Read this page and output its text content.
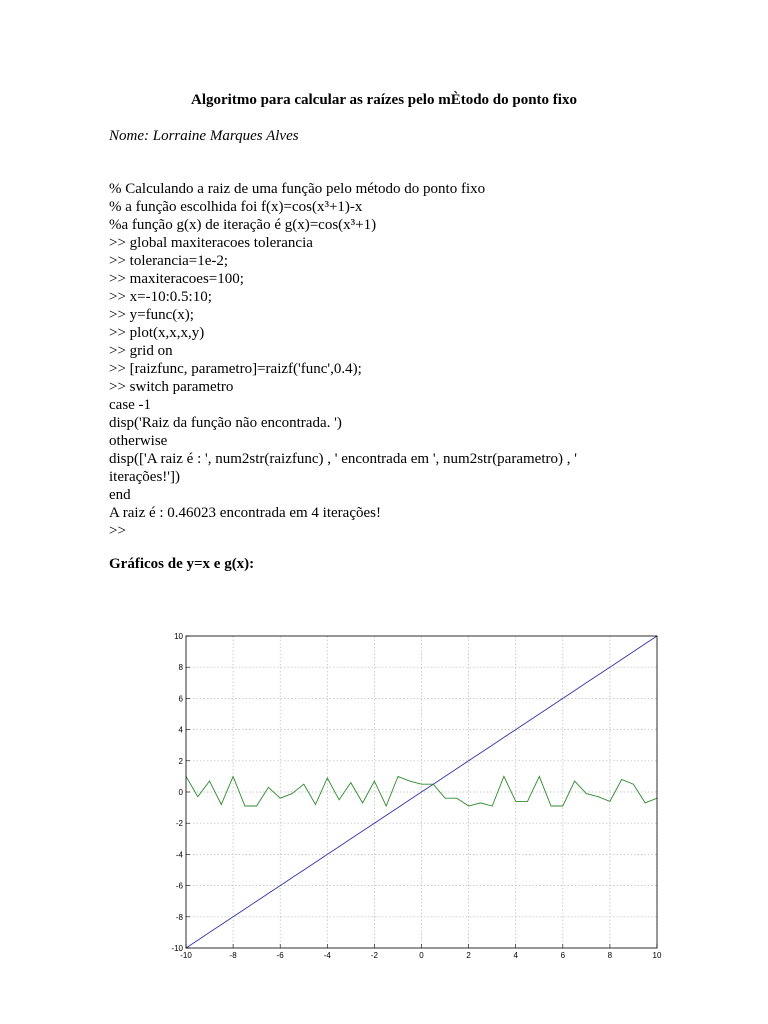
Algoritmo para calcular as raízes pelo mÈtodo do ponto fixo
Nome: Lorraine Marques Alves
% Calculando a raiz de uma função pelo método do ponto fixo
% a função escolhida foi f(x)=cos(x³+1)-x
%a função g(x) de iteração é g(x)=cos(x³+1)
>> global maxiteracoes tolerancia
>> tolerancia=1e-2;
>> maxiteracoes=100;
>> x=-10:0.5:10;
>> y=func(x);
>> plot(x,x,x,y)
>> grid on
>> [raizfunc, parametro]=raizf('func',0.4);
>> switch parametro
case -1
disp('Raiz da função não encontrada. ')
otherwise
disp(['A raiz é : ', num2str(raizfunc) , ' encontrada em ', num2str(parametro) , '
iterações!'])
end
A raiz é : 0.46023 encontrada em 4 iterações!
>>
Gráficos de y=x e g(x):
-10	-8	-6	-4	-2	0	2	4	6	8	10
-10
-8
-6
-4
-2
0
2
4
6
8
10
